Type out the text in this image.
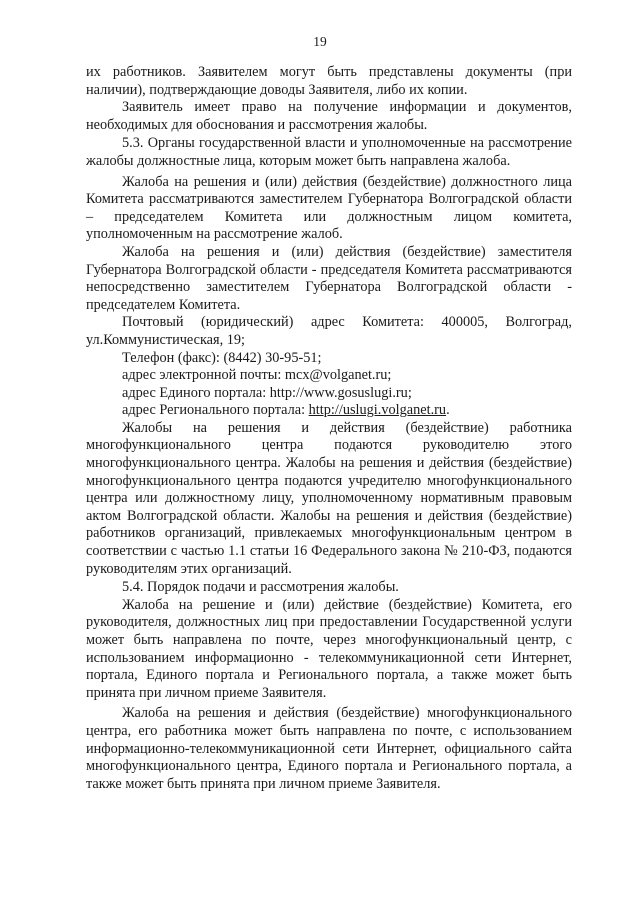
19

их работников. Заявителем могут быть представлены документы (при наличии), подтверждающие доводы Заявителя, либо их копии.

Заявитель имеет право на получение информации и документов, необходимых для обоснования и рассмотрения жалобы.

5.3. Органы государственной власти и уполномоченные на рассмотрение жалобы должностные лица, которым может быть направлена жалоба.

Жалоба на решения и (или) действия (бездействие) должностного лица Комитета рассматриваются заместителем Губернатора Волгоградской области – председателем Комитета или должностным лицом комитета, уполномоченным на рассмотрение жалоб.

Жалоба на решения и (или) действия (бездействие) заместителя Губернатора Волгоградской области - председателя Комитета рассматриваются непосредственно заместителем Губернатора Волгоградской области - председателем Комитета.

Почтовый (юридический) адрес Комитета: 400005, Волгоград, ул.Коммунистическая, 19;

Телефон (факс): (8442) 30-95-51;

адрес электронной почты: mcx@volganet.ru;

адрес Единого портала: http://www.gosuslugi.ru;

адрес Регионального портала: http://uslugi.volganet.ru.

Жалобы на решения и действия (бездействие) работника многофункционального центра подаются руководителю этого многофункционального центра. Жалобы на решения и действия (бездействие) многофункционального центра подаются учредителю многофункционального центра или должностному лицу, уполномоченному нормативным правовым актом Волгоградской области. Жалобы на решения и действия (бездействие) работников организаций, привлекаемых многофункциональным центром в соответствии с частью 1.1 статьи 16 Федерального закона № 210-ФЗ, подаются руководителям этих организаций.

5.4. Порядок подачи и рассмотрения жалобы.

Жалоба на решение и (или) действие (бездействие) Комитета, его руководителя, должностных лиц при предоставлении Государственной услуги может быть направлена по почте, через многофункциональный центр, с использованием информационно - телекоммуникационной сети Интернет, портала, Единого портала и Регионального портала, а также может быть принята при личном приеме Заявителя.

Жалоба на решения и действия (бездействие) многофункционального центра, его работника может быть направлена по почте, с использованием информационно-телекоммуникационной сети Интернет, официального сайта многофункционального центра, Единого портала и Регионального портала, а также может быть принята при личном приеме Заявителя.
